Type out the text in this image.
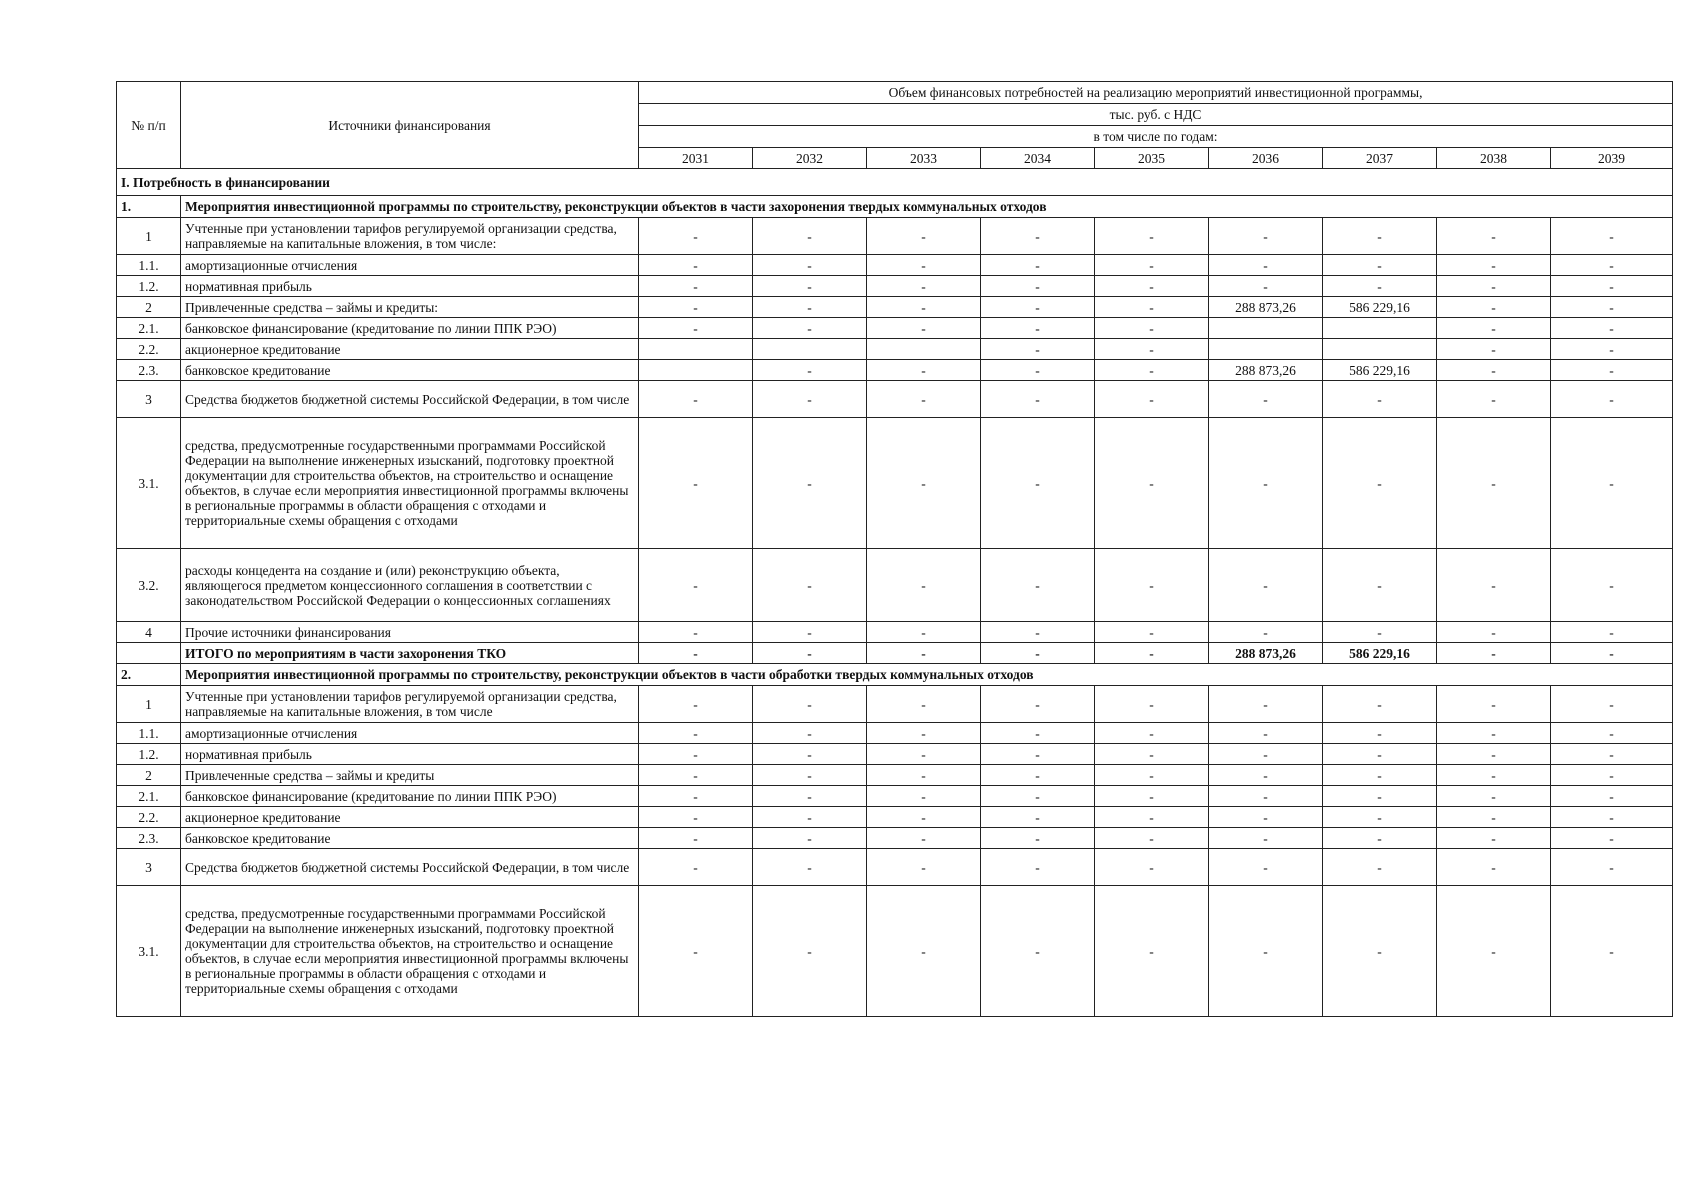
№ п/п	Источники финансирования	Объем финансовых потребностей на реализацию мероприятий инвестиционной программы,								
		тыс. руб. с НДС								
		в том числе по годам:								
		2031	2032	2033	2034	2035	2036	2037	2038	2039
I. Потребность в финансировании										
1.	Мероприятия инвестиционной программы по строительству, реконструкции объектов в части захоронения твердых коммунальных отходов									
1	Учтенные при установлении тарифов регулируемой организации средства, направляемые на капитальные вложения, в том числе:	-	-	-	-	-	-	-	-	-
1.1.	амортизационные отчисления	-	-	-	-	-	-	-	-	-
1.2.	нормативная прибыль	-	-	-	-	-	-	-	-	-
2	Привлеченные средства – займы и кредиты:	-	-	-	-	-	288 873,26	586 229,16	-	-
2.1.	банковское финансирование (кредитование по линии ППК РЭО)	-	-	-	-	-			-	-
2.2.	акционерное кредитование				-	-			-	-
2.3.	банковское кредитование		-	-	-	-	288 873,26	586 229,16	-	-
3	Средства бюджетов бюджетной системы Российской Федерации, в том числе	-	-	-	-	-	-	-	-	-
3.1.	средства, предусмотренные государственными программами Российской Федерации на выполнение инженерных изысканий, подготовку проектной документации для строительства объектов, на строительство и оснащение объектов, в случае если мероприятия инвестиционной программы включены в региональные программы в области обращения с отходами и территориальные схемы обращения с отходами	-	-	-	-	-	-	-	-	-
3.2.	расходы концедента на создание и (или) реконструкцию объекта, являющегося предметом концессионного соглашения в соответствии с законодательством Российской Федерации о концессионных соглашениях	-	-	-	-	-	-	-	-	-
4	Прочие источники финансирования	-	-	-	-	-	-	-	-	-
	ИТОГО по мероприятиям в части захоронения ТКО	-	-	-	-	-	288 873,26	586 229,16	-	-
2.	Мероприятия инвестиционной программы по строительству, реконструкции объектов в части обработки твердых коммунальных отходов									
1	Учтенные при установлении тарифов регулируемой организации средства, направляемые на капитальные вложения, в том числе	-	-	-	-	-	-	-	-	-
1.1.	амортизационные отчисления	-	-	-	-	-	-	-	-	-
1.2.	нормативная прибыль	-	-	-	-	-	-	-	-	-
2	Привлеченные средства – займы и кредиты	-	-	-	-	-	-	-	-	-
2.1.	банковское финансирование (кредитование по линии ППК РЭО)	-	-	-	-	-	-	-	-	-
2.2.	акционерное кредитование	-	-	-	-	-	-	-	-	-
2.3.	банковское кредитование	-	-	-	-	-	-	-	-	-
3	Средства бюджетов бюджетной системы Российской Федерации, в том числе	-	-	-	-	-	-	-	-	-
3.1.	средства, предусмотренные государственными программами Российской Федерации на выполнение инженерных изысканий, подготовку проектной документации для строительства объектов, на строительство и оснащение объектов, в случае если мероприятия инвестиционной программы включены в региональные программы в области обращения с отходами и территориальные схемы обращения с отходами	-	-	-	-	-	-	-	-	-
